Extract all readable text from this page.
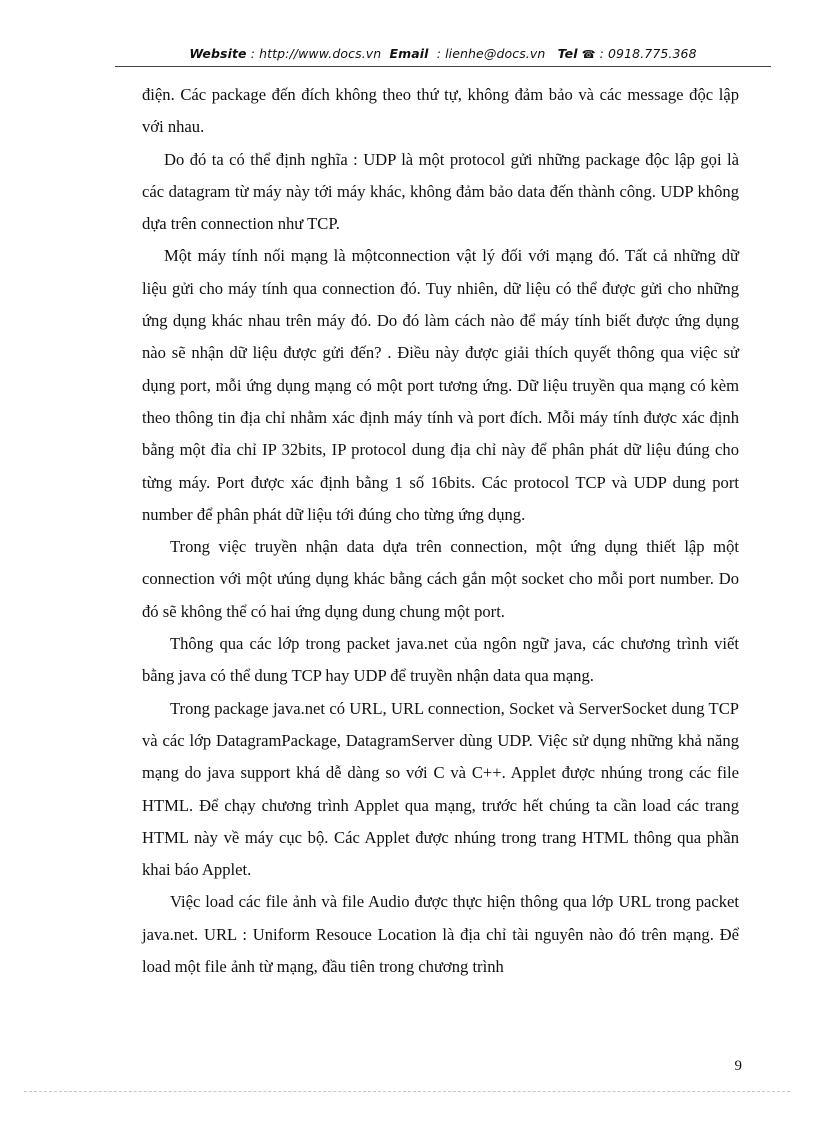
Website : http://www.docs.vn Email : lienhe@docs.vn Tel ☎ : 0918.775.368

điện. Các package đến đích không theo thứ tự, không đảm bảo và các message độc lập với nhau.

Do đó ta có thể định nghĩa : UDP là một protocol gửi những package độc lập gọi là các datagram từ máy này tới máy khác, không đảm bảo data đến thành công. UDP không dựa trên connection như TCP.

Một máy tính nối mạng là mộtconnection vật lý đối với mạng đó. Tất cả những dữ liệu gửi cho máy tính qua connection đó. Tuy nhiên, dữ liệu có thể được gửi cho những ứng dụng khác nhau trên máy đó. Do đó làm cách nào để máy tính biết được ứng dụng nào sẽ nhận dữ liệu được gửi đến? . Điều này được giải thích quyết thông qua việc sử dụng port, mỗi ứng dụng mạng có một port tương ứng. Dữ liệu truyền qua mạng có kèm theo thông tin địa chỉ nhằm xác định máy tính và port đích. Mỗi máy tính được xác định bằng một đỉa chỉ IP 32bits, IP protocol dung địa chỉ này để phân phát dữ liệu đúng cho từng máy. Port được xác định bằng 1 số 16bits. Các protocol TCP và UDP dung port number để phân phát dữ liệu tới đúng cho từng ứng dụng.

Trong việc truyền nhận data dựa trên connection, một ứng dụng thiết lập một connection với một ưúng dụng khác bằng cách gắn một socket cho mỗi port number. Do đó sẽ không thể có hai ứng dụng dung chung một port.

Thông qua các lớp trong packet java.net của ngôn ngữ java, các chương trình viết bằng java có thể dung TCP hay UDP để truyền nhận data qua mạng.

Trong package java.net có URL, URL connection, Socket và ServerSocket dung TCP và các lớp DatagramPackage, DatagramServer dùng UDP. Việc sử dụng những khả năng mạng do java support khá dễ dàng so với C và C++. Applet được nhúng trong các file HTML. Để chạy chương trình Applet qua mạng, trước hết chúng ta cần load các trang HTML này về máy cục bộ. Các Applet được nhúng trong trang HTML thông qua phần khai báo Applet.

Việc load các file ảnh và file Audio được thực hiện thông qua lớp URL trong packet java.net. URL : Uniform Resouce Location là địa chỉ tài nguyên nào đó trên mạng. Để load một file ảnh từ mạng, đầu tiên trong chương trình

9
